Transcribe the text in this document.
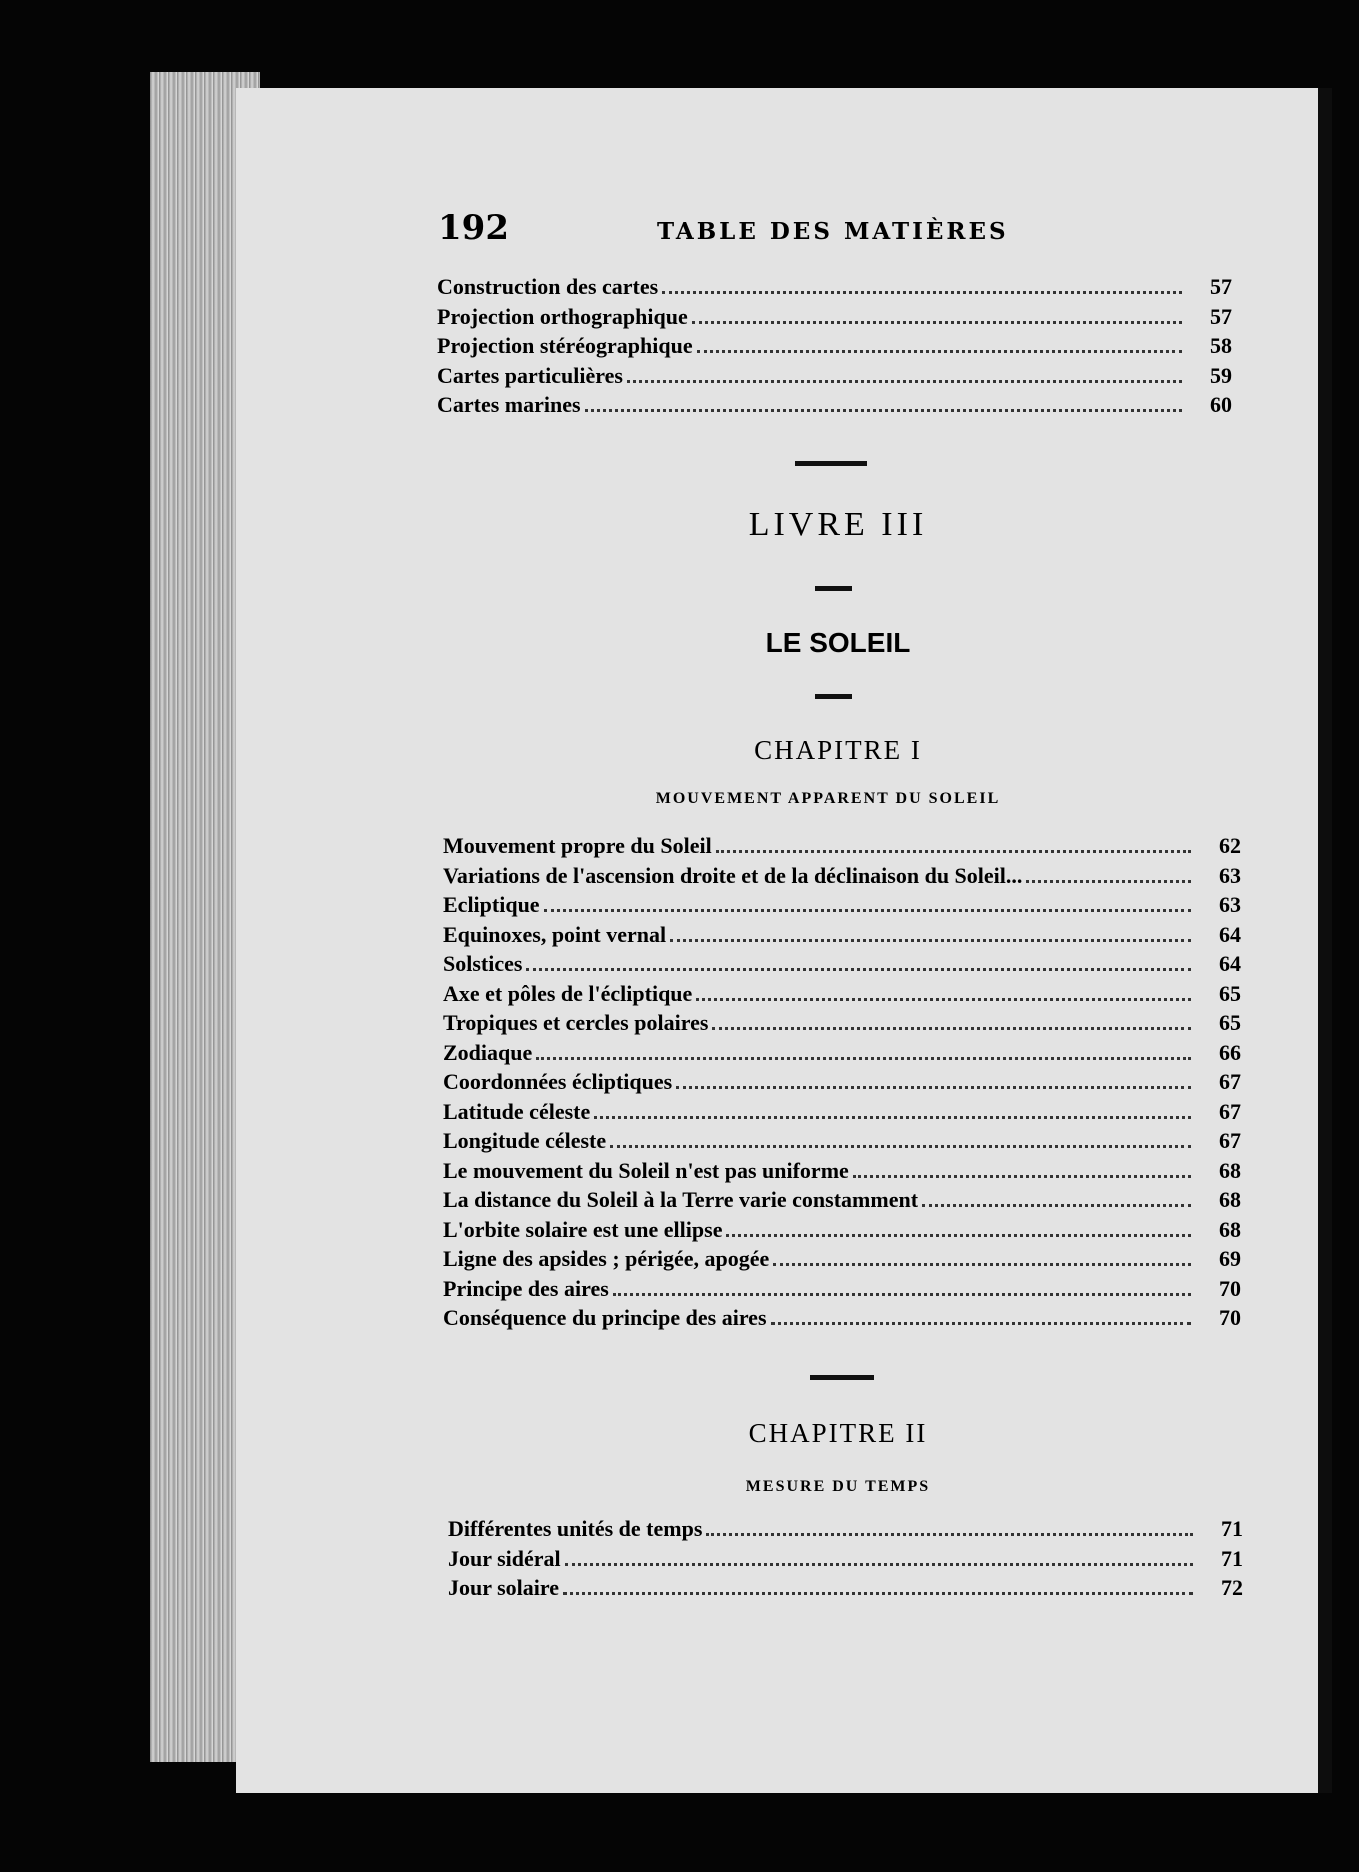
192	TABLE DES MATIÈRES
Construction des cartes	57
Projection orthographique	57
Projection stéréographique	58
Cartes particulières	59
Cartes marines	60
LIVRE III
LE SOLEIL
CHAPITRE I
MOUVEMENT APPARENT DU SOLEIL
Mouvement propre du Soleil	62
Variations de l'ascension droite et de la déclinaison du Soleil...	63
Ecliptique	63
Equinoxes, point vernal	64
Solstices	64
Axe et pôles de l'écliptique	65
Tropiques et cercles polaires	65
Zodiaque	66
Coordonnées écliptiques	67
Latitude céleste	67
Longitude céleste	67
Le mouvement du Soleil n'est pas uniforme	68
La distance du Soleil à la Terre varie constamment	68
L'orbite solaire est une ellipse	68
Ligne des apsides ; périgée, apogée	69
Principe des aires	70
Conséquence du principe des aires	70
CHAPITRE II
MESURE DU TEMPS
Différentes unités de temps	71
Jour sidéral	71
Jour solaire	72
